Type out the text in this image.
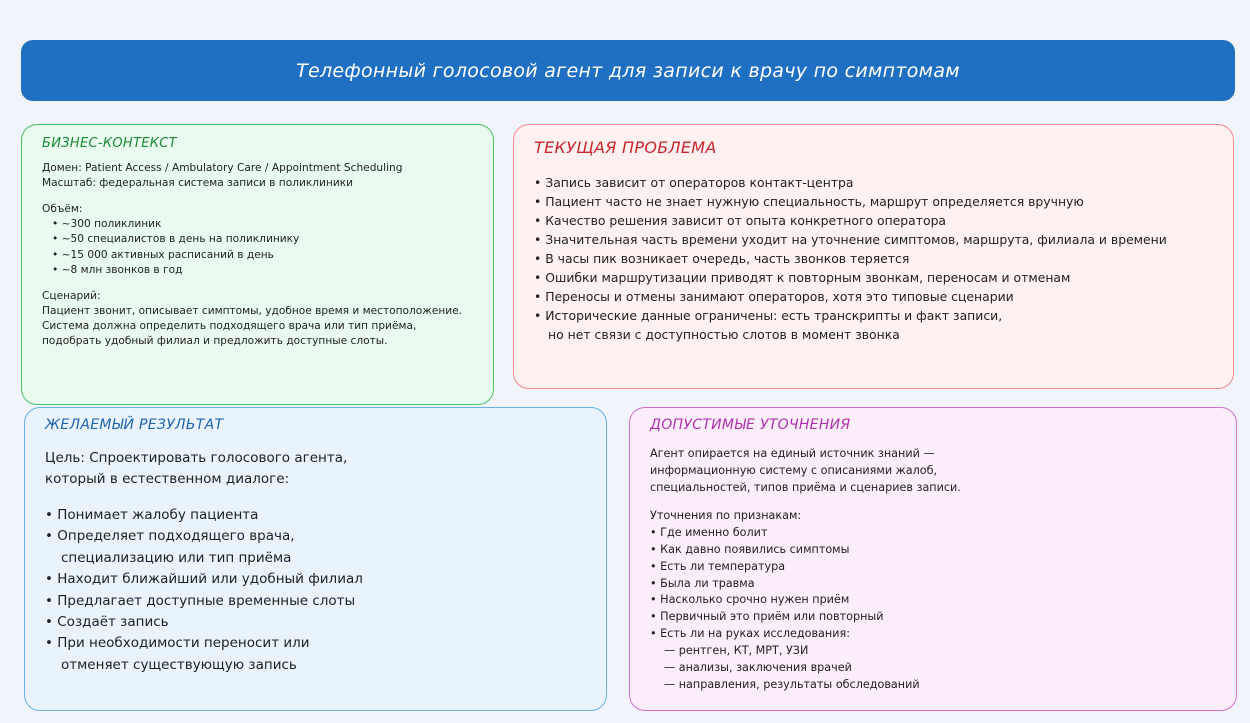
Телефонный голосовой агент для записи к врачу по симптомам
БИЗНЕС-КОНТЕКСТ
Домен: Patient Access / Ambulatory Care / Appointment Scheduling
Масштаб: федеральная система записи в поликлиники
Объём:
• ~300 поликлиник
• ~50 специалистов в день на поликлинику
• ~15 000 активных расписаний в день
• ~8 млн звонков в год
Сценарий:
Пациент звонит, описывает симптомы, удобное время и местоположение.
Система должна определить подходящего врача или тип приёма,
подобрать удобный филиал и предложить доступные слоты.
ТЕКУЩАЯ ПРОБЛЕМА
• Запись зависит от операторов контакт-центра
• Пациент часто не знает нужную специальность, маршрут определяется вручную
• Качество решения зависит от опыта конкретного оператора
• Значительная часть времени уходит на уточнение симптомов, маршрута, филиала и времени
• В часы пик возникает очередь, часть звонков теряется
• Ошибки маршрутизации приводят к повторным звонкам, переносам и отменам
• Переносы и отмены занимают операторов, хотя это типовые сценарии
• Исторические данные ограничены: есть транскрипты и факт записи,
но нет связи с доступностью слотов в момент звонка
ЖЕЛАЕМЫЙ РЕЗУЛЬТАТ
Цель: Спроектировать голосового агента,
который в естественном диалоге:
• Понимает жалобу пациента
• Определяет подходящего врача,
специализацию или тип приёма
• Находит ближайший или удобный филиал
• Предлагает доступные временные слоты
• Создаёт запись
• При необходимости переносит или
отменяет существующую запись
ДОПУСТИМЫЕ УТОЧНЕНИЯ
Агент опирается на единый источник знаний —
информационную систему с описаниями жалоб,
специальностей, типов приёма и сценариев записи.
Уточнения по признакам:
• Где именно болит
• Как давно появились симптомы
• Есть ли температура
• Была ли травма
• Насколько срочно нужен приём
• Первичный это приём или повторный
• Есть ли на руках исследования:
— рентген, КТ, МРТ, УЗИ
— анализы, заключения врачей
— направления, результаты обследований
